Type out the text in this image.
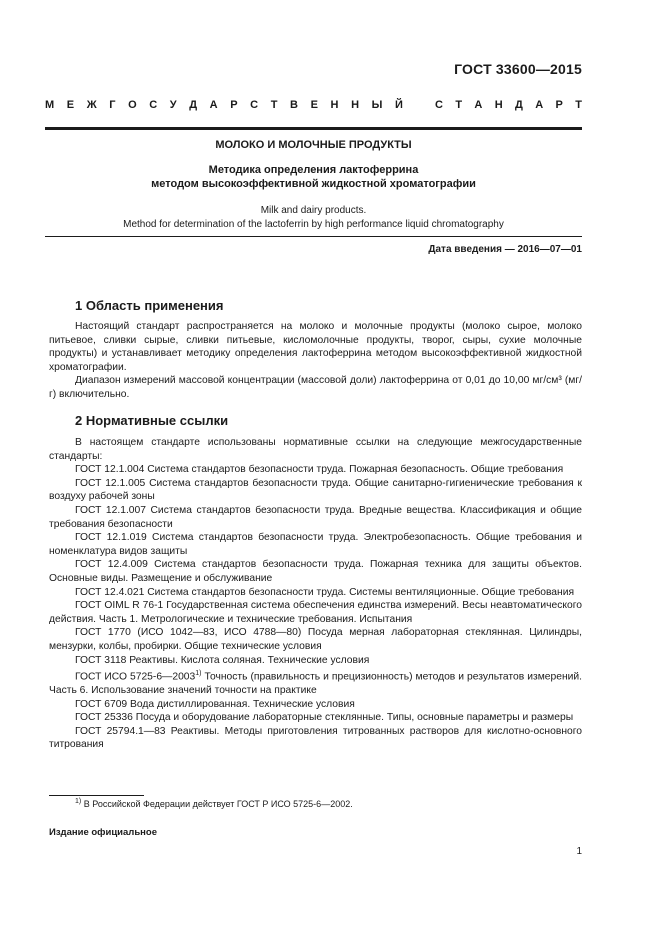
ГОСТ 33600—2015
М Е Ж Г О С У Д А Р С Т В Е Н Н Ы Й	С Т А Н Д А Р Т
МОЛОКО И МОЛОЧНЫЕ ПРОДУКТЫ
Методика определения лактоферрина
методом высокоэффективной жидкостной хроматографии
Milk and dairy products.
Method for determination of the lactoferrin by high performance liquid chromatography
Дата введения — 2016—07—01
1 Область применения

Настоящий стандарт распространяется на молоко и молочные продукты (молоко сырое, молоко питьевое, сливки сырые, сливки питьевые, кисломолочные продукты, творог, сыры, сухие молочные продукты) и устанавливает методику определения лактоферрина методом высокоэффективной жидкостной хроматографии.

Диапазон измерений массовой концентрации (массовой доли) лактоферрина от 0,01 до 10,00 мг/см³ (мг/г) включительно.

2 Нормативные ссылки

В настоящем стандарте использованы нормативные ссылки на следующие межгосударственные стандарты:

ГОСТ 12.1.004 Система стандартов безопасности труда. Пожарная безопасность. Общие требования

ГОСТ 12.1.005 Система стандартов безопасности труда. Общие санитарно-гигиенические требования к воздуху рабочей зоны

ГОСТ 12.1.007 Система стандартов безопасности труда. Вредные вещества. Классификация и общие требования безопасности

ГОСТ 12.1.019 Система стандартов безопасности труда. Электробезопасность. Общие требования и номенклатура видов защиты

ГОСТ 12.4.009 Система стандартов безопасности труда. Пожарная техника для защиты объектов. Основные виды. Размещение и обслуживание

ГОСТ 12.4.021 Система стандартов безопасности труда. Системы вентиляционные. Общие требования

ГОСТ OIML R 76-1 Государственная система обеспечения единства измерений. Весы неавтоматического действия. Часть 1. Метрологические и технические требования. Испытания

ГОСТ 1770 (ИСО 1042—83, ИСО 4788—80) Посуда мерная лабораторная стеклянная. Цилиндры, мензурки, колбы, пробирки. Общие технические условия

ГОСТ 3118 Реактивы. Кислота соляная. Технические условия

ГОСТ ИСО 5725-6—2003$^{1)}$ Точность (правильность и прецизионность) методов и результатов измерений. Часть 6. Использование значений точности на практике

ГОСТ 6709 Вода дистиллированная. Технические условия

ГОСТ 25336 Посуда и оборудование лабораторные стеклянные. Типы, основные параметры и размеры

ГОСТ 25794.1—83 Реактивы. Методы приготовления титрованных растворов для кислотно-основного титрования

$^{1)}$ В Российской Федерации действует ГОСТ Р ИСО 5725-6—2002.
Издание официальное
1
